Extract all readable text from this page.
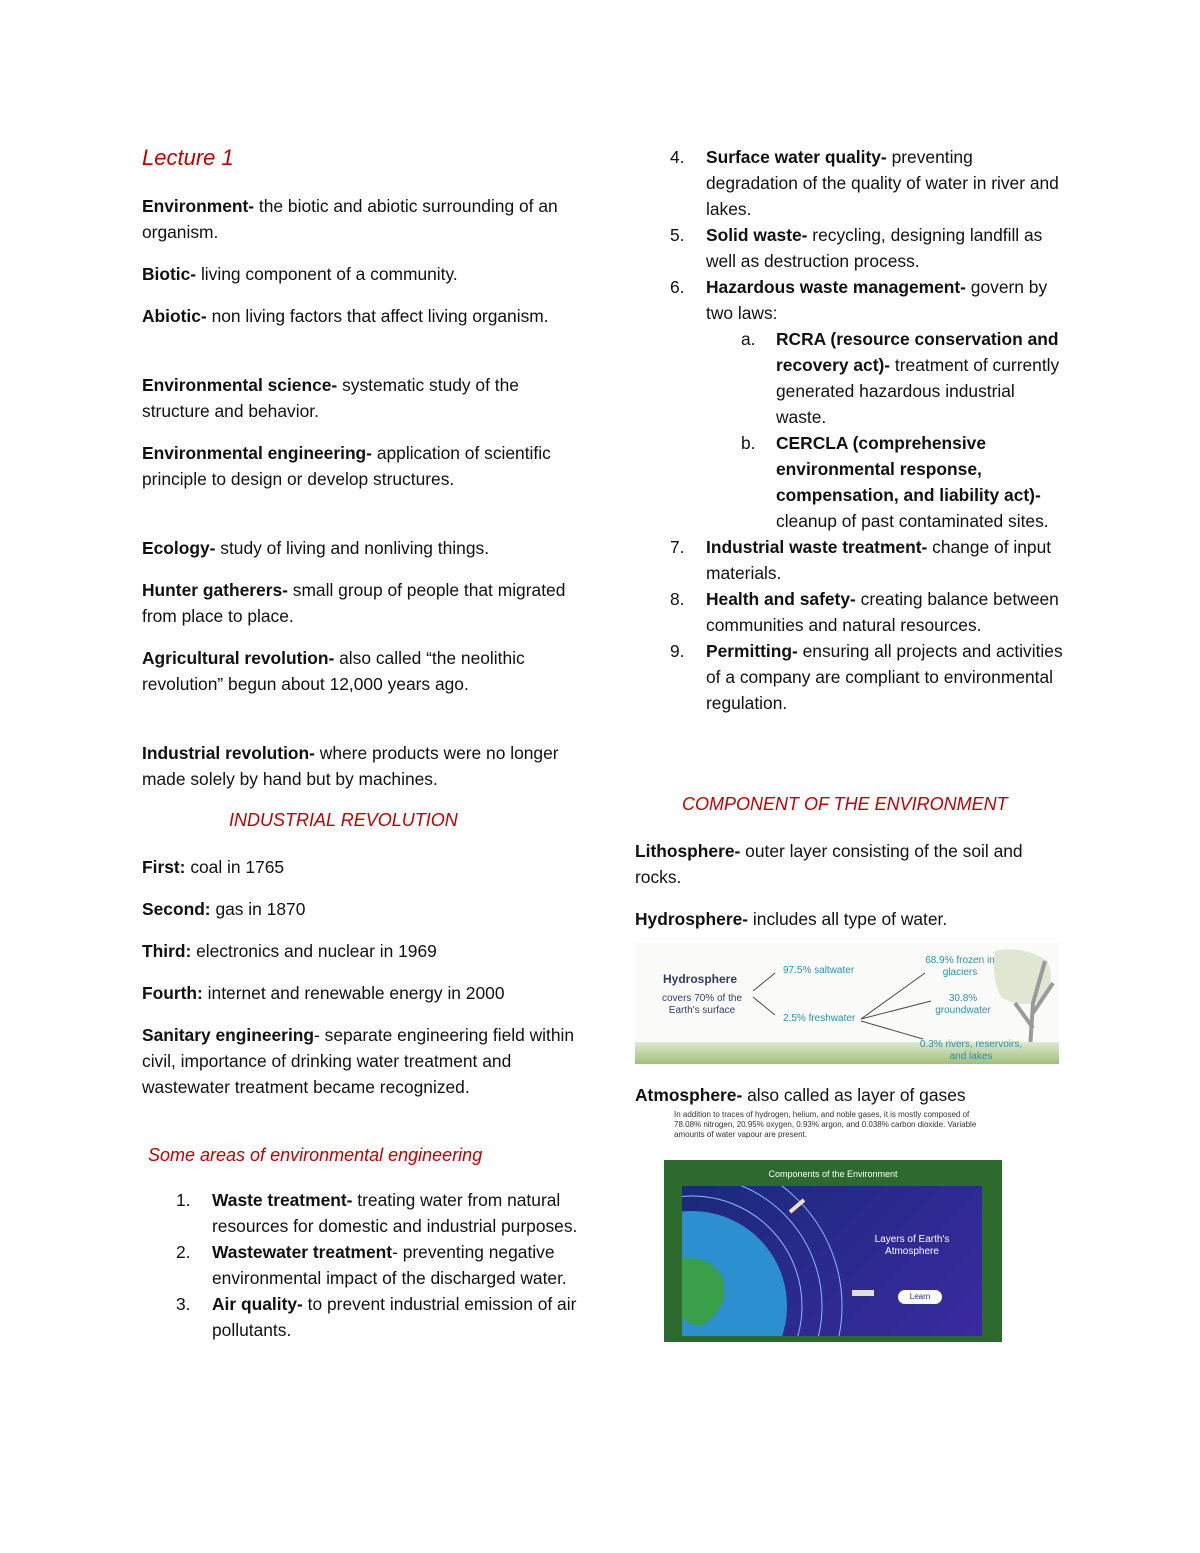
Lecture 1

Environment- the biotic and abiotic surrounding of an organism.

Biotic- living component of a community.

Abiotic- non living factors that affect living organism.

Environmental science- systematic study of the structure and behavior.

Environmental engineering- application of scientific principle to design or develop structures.

Ecology- study of living and nonliving things.

Hunter gatherers- small group of people that migrated from place to place.

Agricultural revolution- also called “the neolithic revolution” begun about 12,000 years ago.

Industrial revolution- where products were no longer made solely by hand but by machines.

INDUSTRIAL REVOLUTION

First: coal in 1765

Second: gas in 1870

Third: electronics and nuclear in 1969

Fourth: internet and renewable energy in 2000

Sanitary engineering- separate engineering field within civil, importance of drinking water treatment and wastewater treatment became recognized.

Some areas of environmental engineering
1. Waste treatment- treating water from natural resources for domestic and industrial purposes.
2. Wastewater treatment- preventing negative environmental impact of the discharged water.
3. Air quality- to prevent industrial emission of air pollutants.
4. Surface water quality- preventing degradation of the quality of water in river and lakes.
5. Solid waste- recycling, designing landfill as well as destruction process.
6. Hazardous waste management- govern by two laws:
a. RCRA (resource conservation and recovery act)- treatment of currently generated hazardous industrial waste.
b. CERCLA (comprehensive environmental response, compensation, and liability act)- cleanup of past contaminated sites.
7. Industrial waste treatment- change of input materials.
8. Health and safety- creating balance between communities and natural resources.
9. Permitting- ensuring all projects and activities of a company are compliant to environmental regulation.
COMPONENT OF THE ENVIRONMENT

Lithosphere- outer layer consisting of the soil and rocks.

Hydrosphere- includes all type of water.

Hydrosphere
covers 70% of the Earth's surface
97.5% saltwater
2.5% freshwater
68.9% frozen in glaciers
30.8% groundwater
0.3% rivers, reservoirs, and lakes

Atmosphere- also called as layer of gases

In addition to traces of hydrogen, helium, and noble gases, it is mostly composed of 78.08% nitrogen, 20.95% oxygen, 0.93% argon, and 0.038% carbon dioxide. Variable amounts of water vapour are present.
Components of the Environment
Layers of Earth's Atmosphere
Learn
